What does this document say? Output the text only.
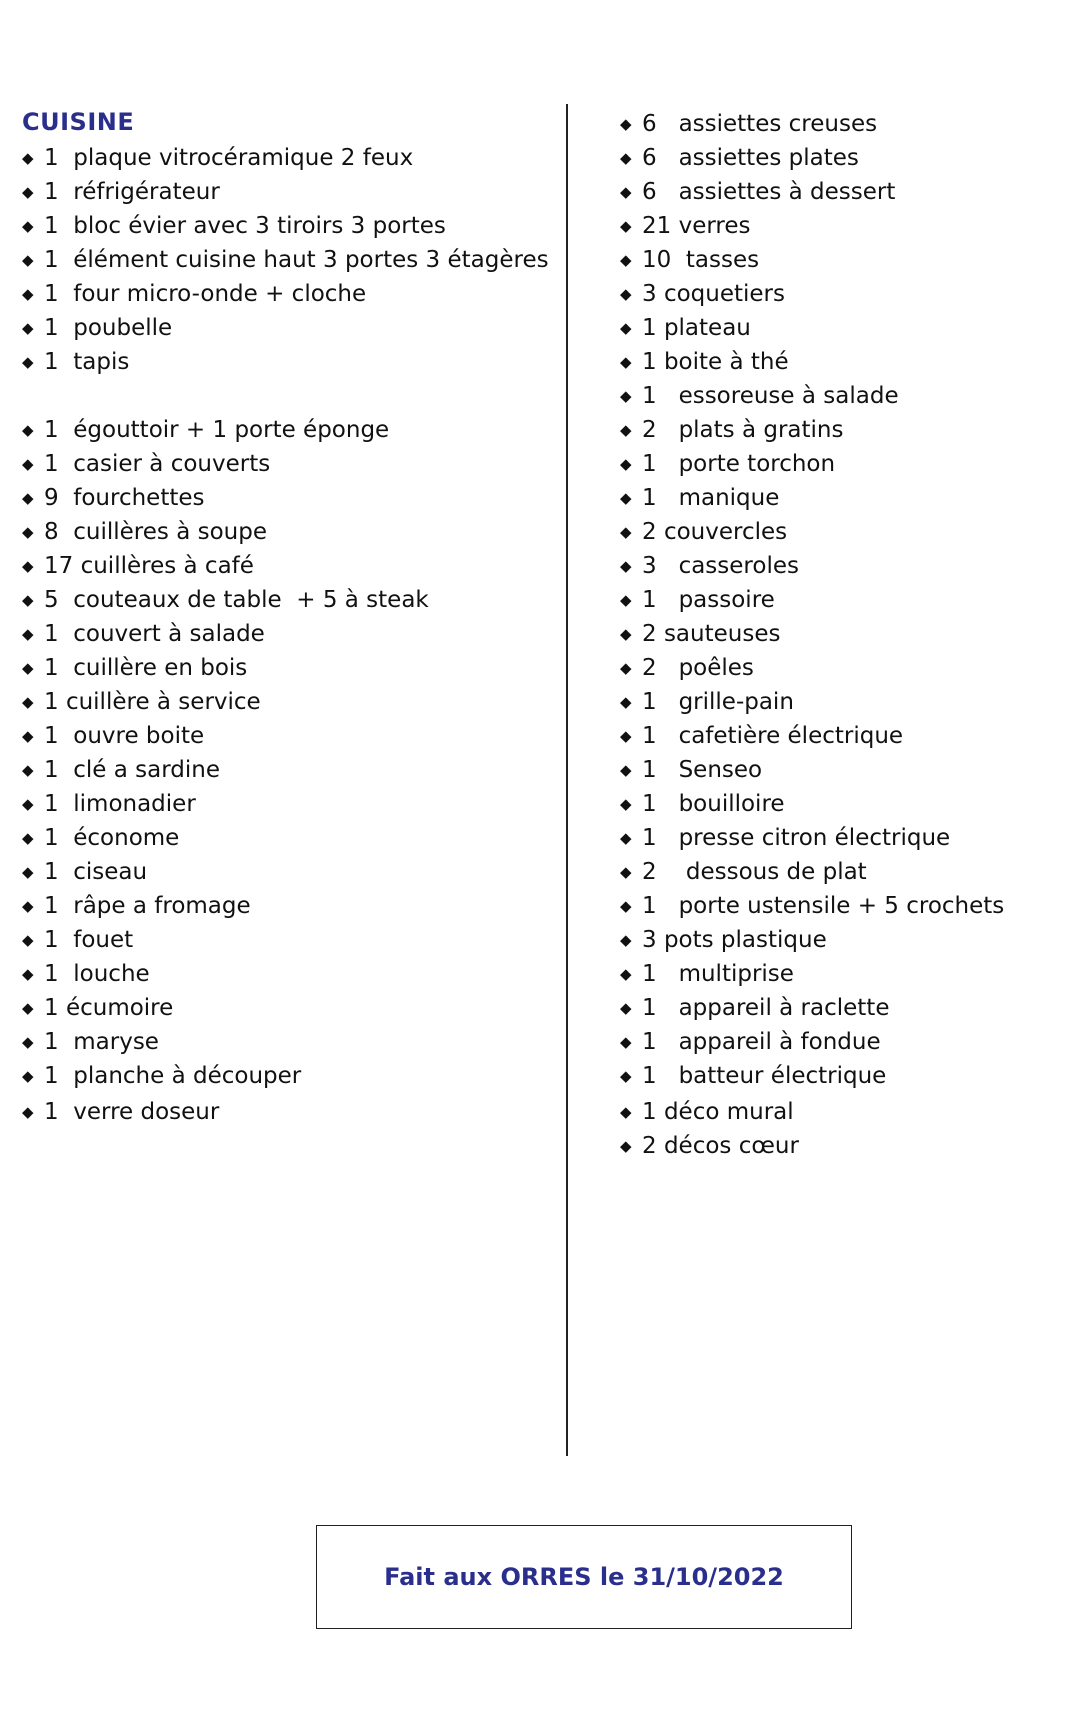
CUISINE
◆ 1  plaque vitrocéramique 2 feux
◆ 1  réfrigérateur
◆ 1  bloc évier avec 3 tiroirs 3 portes
◆ 1  élément cuisine haut 3 portes 3 étagères
◆ 1  four micro-onde + cloche
◆ 1  poubelle
◆ 1  tapis
◆ 1  égouttoir + 1 porte éponge
◆ 1  casier à couverts
◆ 9  fourchettes
◆ 8  cuillères à soupe
◆ 17 cuillères à café
◆ 5  couteaux de table  + 5 à steak
◆ 1  couvert à salade
◆ 1  cuillère en bois
◆ 1 cuillère à service
◆ 1  ouvre boite
◆ 1  clé a sardine
◆ 1  limonadier
◆ 1  économe
◆ 1  ciseau
◆ 1  râpe a fromage
◆ 1  fouet
◆ 1  louche
◆ 1 écumoire
◆ 1  maryse
◆ 1  planche à découper
◆ 1  verre doseur
◆ 6   assiettes creuses
◆ 6   assiettes plates
◆ 6   assiettes à dessert
◆ 21 verres
◆ 10  tasses
◆ 3 coquetiers
◆ 1 plateau
◆ 1 boite à thé
◆ 1   essoreuse à salade
◆ 2   plats à gratins
◆ 1   porte torchon
◆ 1   manique
◆ 2 couvercles
◆ 3   casseroles
◆ 1   passoire
◆ 2 sauteuses
◆ 2   poêles
◆ 1   grille-pain
◆ 1   cafetière électrique
◆ 1   Senseo
◆ 1   bouilloire
◆ 1   presse citron électrique
◆ 2    dessous de plat
◆ 1   porte ustensile + 5 crochets
◆ 3 pots plastique
◆ 1   multiprise
◆ 1   appareil à raclette
◆ 1   appareil à fondue
◆ 1   batteur électrique
◆ 1 déco mural
◆ 2 décos cœur
Fait aux ORRES le 31/10/2022
